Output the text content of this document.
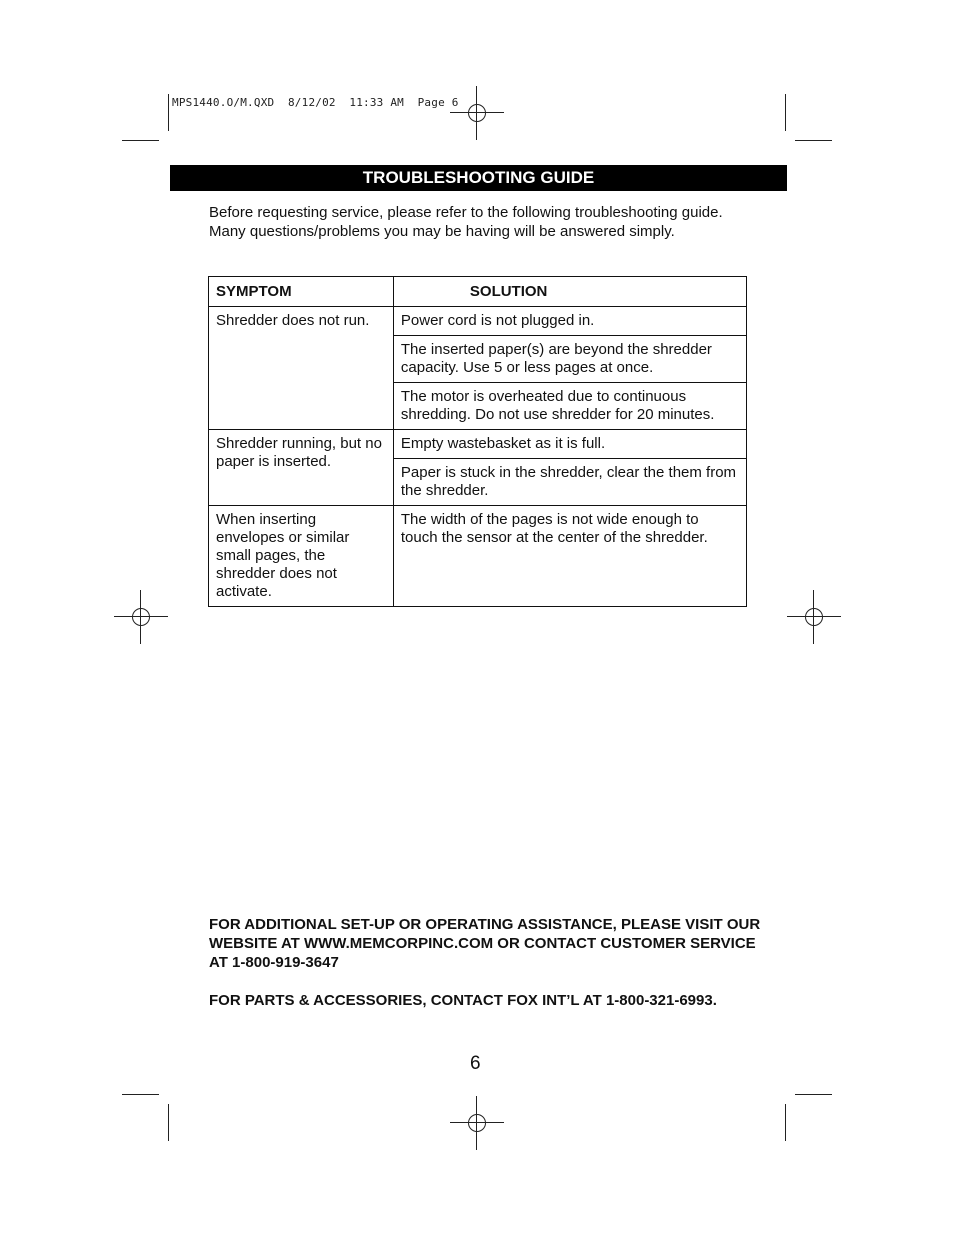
MPS1440.O/M.QXD  8/12/02  11:33 AM  Page 6
TROUBLESHOOTING GUIDE
Before requesting service, please refer to the following troubleshooting guide. Many questions/problems you may be having will be answered simply.
SYMPTOM	SOLUTION
Shredder does not run.	Power cord is not plugged in.
	The inserted paper(s) are beyond the shredder capacity. Use 5 or less pages at once.
	The motor is overheated due to continuous shredding. Do not use shredder for 20 minutes.
Shredder running, but no paper is inserted.	Empty wastebasket as it is full.
	Paper is stuck in the shredder, clear the them from the shredder.
When inserting envelopes or similar small pages, the shredder does not activate.	The width of the pages is not wide enough to touch the sensor at the center of the shredder.

FOR ADDITIONAL SET-UP OR OPERATING ASSISTANCE, PLEASE VISIT OUR WEBSITE AT WWW.MEMCORPINC.COM OR CONTACT CUSTOMER SERVICE AT 1-800-919-3647

FOR PARTS & ACCESSORIES, CONTACT FOX INT’L AT 1-800-321-6993.

6
